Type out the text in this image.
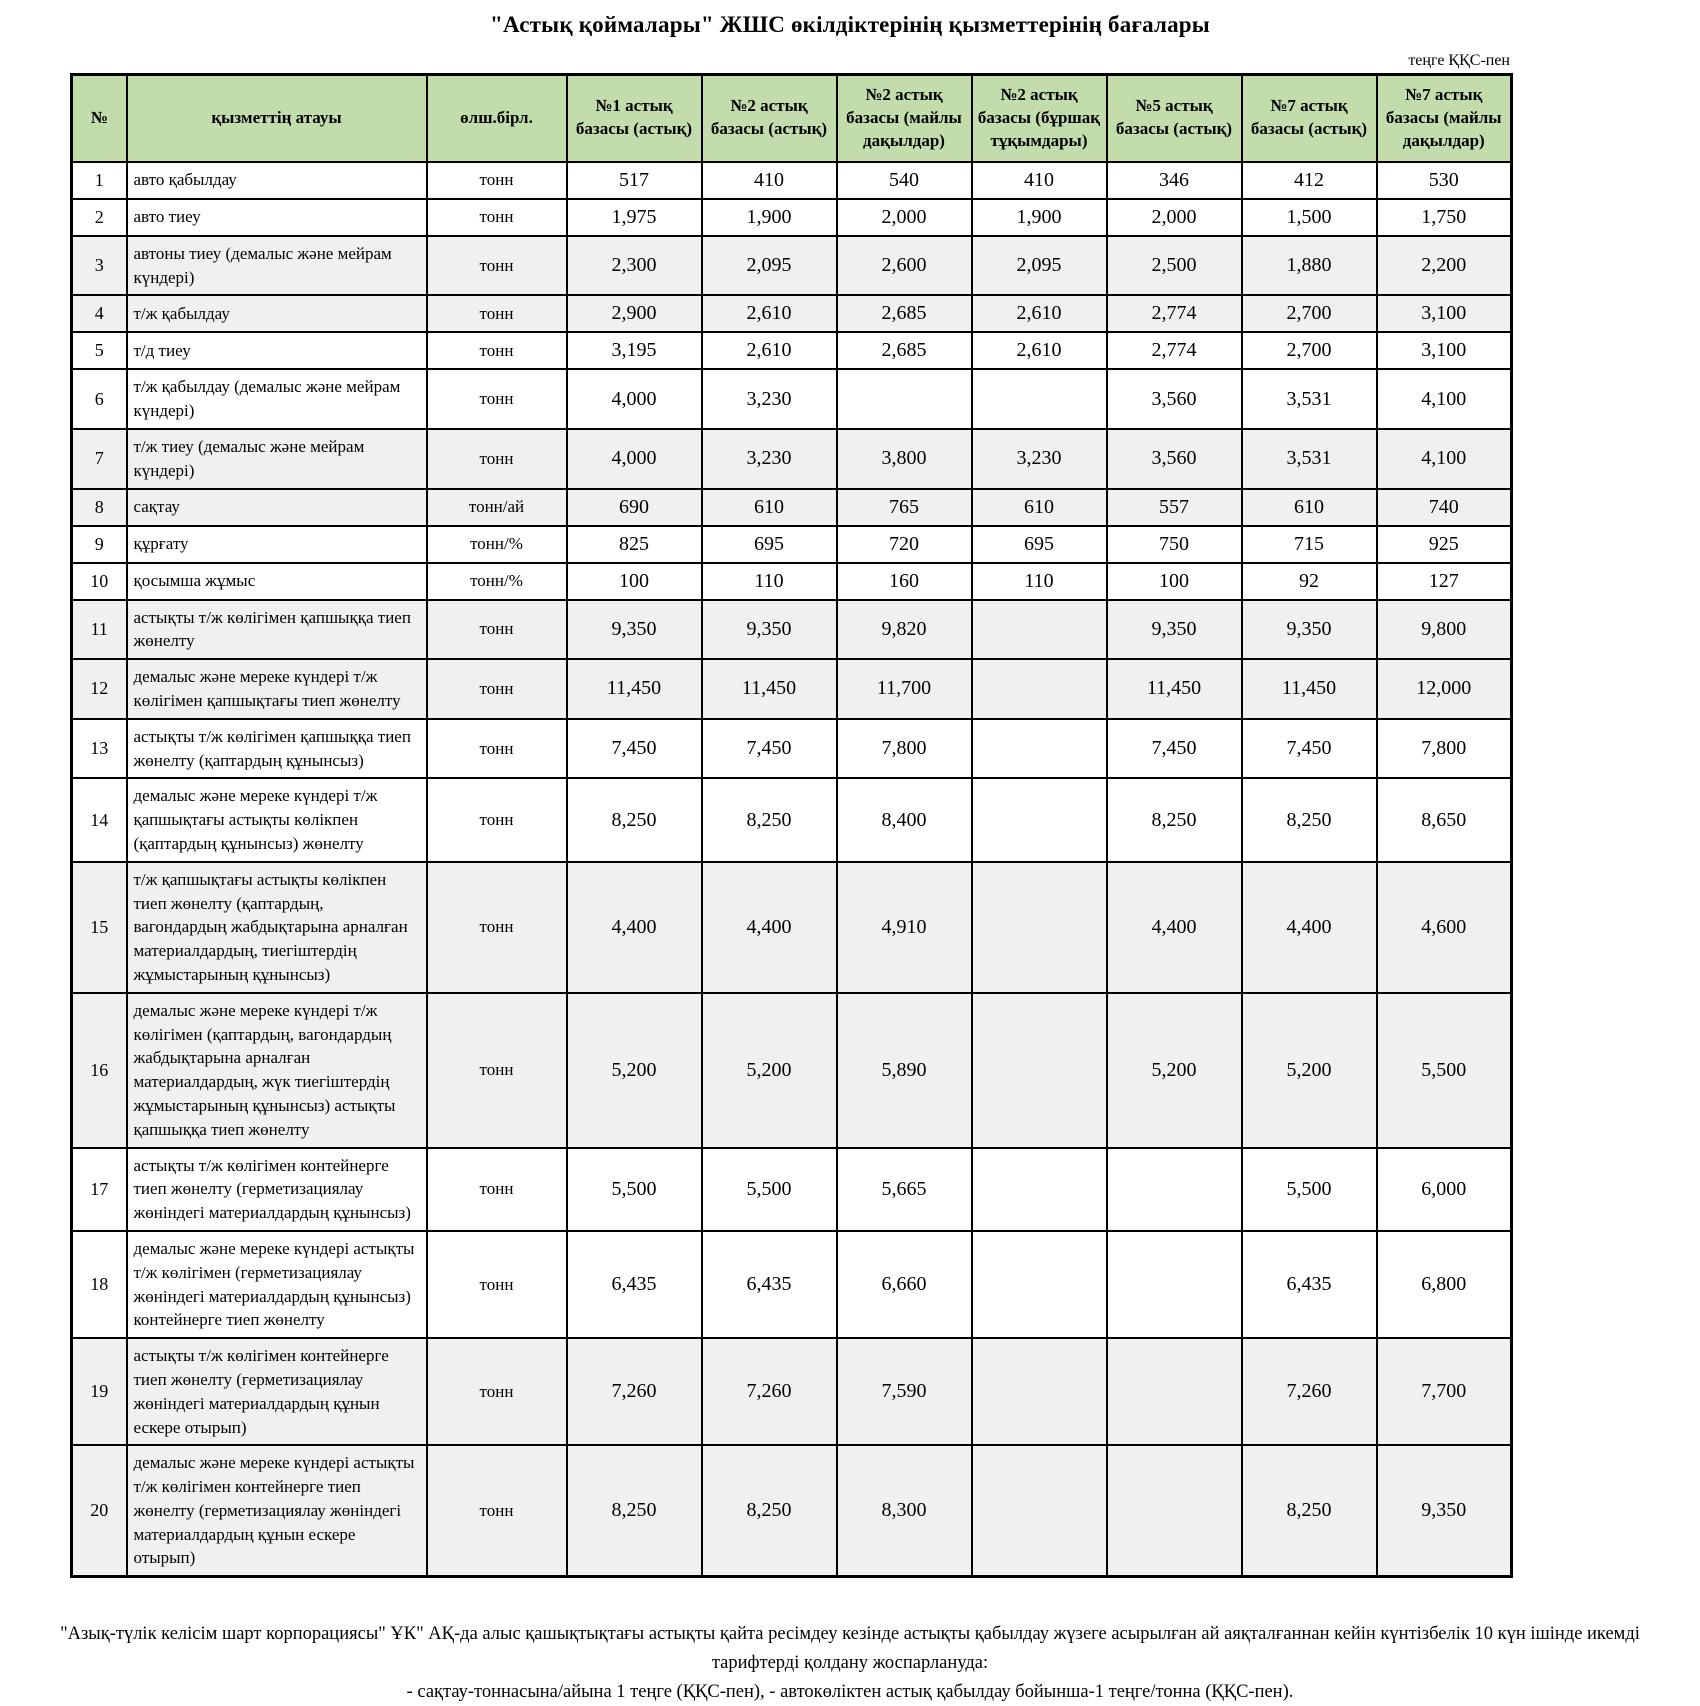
"Астық қоймалары" ЖШС өкілдіктерінің қызметтерінің бағалары
теңге ҚҚС-пен
№	қызметтің атауы	өлш.бірл.	№1 астық базасы (астық)	№2 астық базасы (астық)	№2 астық базасы (майлы дақылдар)	№2 астық базасы (бұршақ тұқымдары)	№5 астық базасы (астық)	№7 астық базасы (астық)	№7 астық базасы (майлы дақылдар)
1	авто қабылдау	тонн	517	410	540	410	346	412	530
2	авто тиеу	тонн	1,975	1,900	2,000	1,900	2,000	1,500	1,750
3	автоны тиеу (демалыс және мейрам күндері)	тонн	2,300	2,095	2,600	2,095	2,500	1,880	2,200
4	т/ж қабылдау	тонн	2,900	2,610	2,685	2,610	2,774	2,700	3,100
5	т/д тиеу	тонн	3,195	2,610	2,685	2,610	2,774	2,700	3,100
6	т/ж қабылдау (демалыс және мейрам күндері)	тонн	4,000	3,230			3,560	3,531	4,100
7	т/ж тиеу (демалыс және мейрам күндері)	тонн	4,000	3,230	3,800	3,230	3,560	3,531	4,100
8	сақтау	тонн/ай	690	610	765	610	557	610	740
9	құрғату	тонн/%	825	695	720	695	750	715	925
10	қосымша жұмыс	тонн/%	100	110	160	110	100	92	127
11	астықты т/ж көлігімен қапшыққа тиеп жөнелту	тонн	9,350	9,350	9,820		9,350	9,350	9,800
12	демалыс және мереке күндері т/ж көлігімен қапшықтағы тиеп жөнелту	тонн	11,450	11,450	11,700		11,450	11,450	12,000
13	астықты т/ж көлігімен қапшыққа тиеп жөнелту (қаптардың құнынсыз)	тонн	7,450	7,450	7,800		7,450	7,450	7,800
14	демалыс және мереке күндері т/ж қапшықтағы астықты көлікпен (қаптардың құнынсыз) жөнелту	тонн	8,250	8,250	8,400		8,250	8,250	8,650
15	т/ж қапшықтағы астықты көлікпен тиеп жөнелту (қаптардың, вагондардың жабдықтарына арналған материалдардың, тиегіштердің жұмыстарының құнынсыз)	тонн	4,400	4,400	4,910		4,400	4,400	4,600
16	демалыс және мереке күндері т/ж көлігімен (қаптардың, вагондардың жабдықтарына арналған материалдардың, жүк тиегіштердің жұмыстарының құнынсыз) астықты қапшыққа тиеп жөнелту	тонн	5,200	5,200	5,890		5,200	5,200	5,500
17	астықты т/ж көлігімен контейнерге тиеп жөнелту (герметизациялау жөніндегі материалдардың құнынсыз)	тонн	5,500	5,500	5,665			5,500	6,000
18	демалыс және мереке күндері астықты т/ж көлігімен (герметизациялау жөніндегі материалдардың құнынсыз) контейнерге тиеп жөнелту	тонн	6,435	6,435	6,660			6,435	6,800
19	астықты т/ж көлігімен контейнерге тиеп жөнелту (герметизациялау жөніндегі материалдардың құнын ескере отырып)	тонн	7,260	7,260	7,590			7,260	7,700
20	демалыс және мереке күндері астықты т/ж көлігімен контейнерге тиеп жөнелту (герметизациялау жөніндегі материалдардың құнын ескере отырып)	тонн	8,250	8,250	8,300			8,250	9,350

"Азық-түлік келісім шарт корпорациясы" ҰК" АҚ-да алыс қашықтықтағы астықты қайта ресімдеу кезінде астықты қабылдау жүзеге асырылған ай аяқталғаннан кейін күнтізбелік 10 күн ішінде икемді тарифтерді қолдану жоспарлануда:

- сақтау-тоннасына/айына 1 теңге (ҚҚС-пен), - автокөліктен астық қабылдау бойынша-1 теңге/тонна (ҚҚС-пен).
